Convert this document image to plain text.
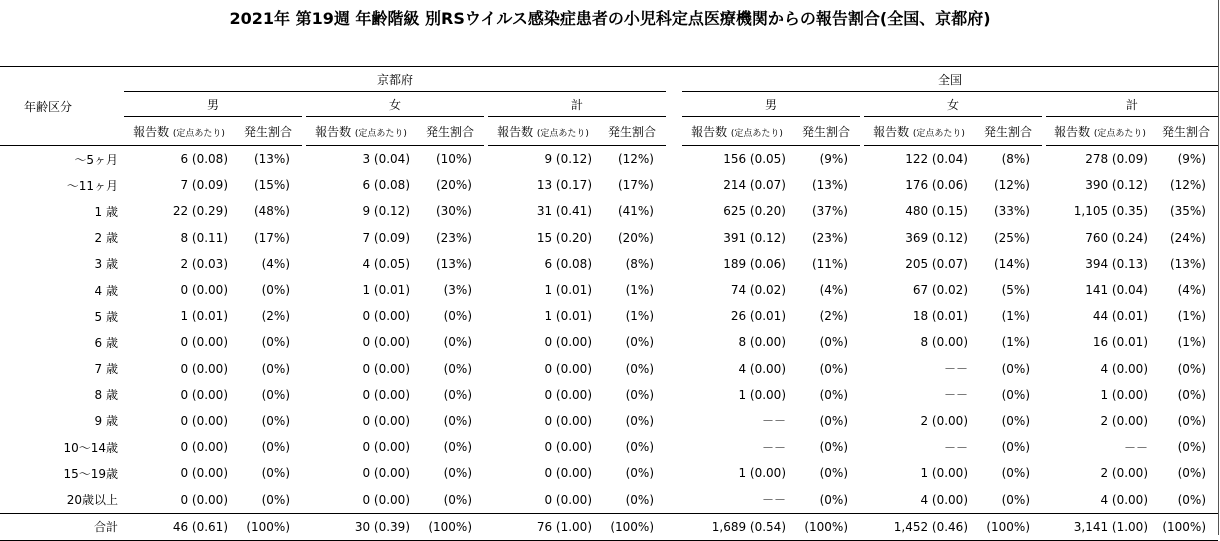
2021年 第19週 年齢階級 別RSウイルス感染症患者の小児科定点医療機関からの報告割合(全国、京都府)

年齢区分	京都府									全国							
	男			女			計			男			女			計	
	報告数 (定点あたり)	発生割合		報告数 (定点あたり)	発生割合		報告数 (定点あたり)	発生割合		報告数 (定点あたり)	発生割合		報告数 (定点あたり)	発生割合		報告数 (定点あたり)	発生割合
～5ヶ月	6 (0.08)	(13%)		3 (0.04)	(10%)		9 (0.12)	(12%)		156 (0.05)	(9%)		122 (0.04)	(8%)		278 (0.09)	(9%)
～11ヶ月	7 (0.09)	(15%)		6 (0.08)	(20%)		13 (0.17)	(17%)		214 (0.07)	(13%)		176 (0.06)	(12%)		390 (0.12)	(12%)
1 歳	22 (0.29)	(48%)		9 (0.12)	(30%)		31 (0.41)	(41%)		625 (0.20)	(37%)		480 (0.15)	(33%)		1,105 (0.35)	(35%)
2 歳	8 (0.11)	(17%)		7 (0.09)	(23%)		15 (0.20)	(20%)		391 (0.12)	(23%)		369 (0.12)	(25%)		760 (0.24)	(24%)
3 歳	2 (0.03)	(4%)		4 (0.05)	(13%)		6 (0.08)	(8%)		189 (0.06)	(11%)		205 (0.07)	(14%)		394 (0.13)	(13%)
4 歳	0 (0.00)	(0%)		1 (0.01)	(3%)		1 (0.01)	(1%)		74 (0.02)	(4%)		67 (0.02)	(5%)		141 (0.04)	(4%)
5 歳	1 (0.01)	(2%)		0 (0.00)	(0%)		1 (0.01)	(1%)		26 (0.01)	(2%)		18 (0.01)	(1%)		44 (0.01)	(1%)
6 歳	0 (0.00)	(0%)		0 (0.00)	(0%)		0 (0.00)	(0%)		8 (0.00)	(0%)		8 (0.00)	(1%)		16 (0.01)	(1%)
7 歳	0 (0.00)	(0%)		0 (0.00)	(0%)		0 (0.00)	(0%)		4 (0.00)	(0%)		－－	(0%)		4 (0.00)	(0%)
8 歳	0 (0.00)	(0%)		0 (0.00)	(0%)		0 (0.00)	(0%)		1 (0.00)	(0%)		－－	(0%)		1 (0.00)	(0%)
9 歳	0 (0.00)	(0%)		0 (0.00)	(0%)		0 (0.00)	(0%)		－－	(0%)		2 (0.00)	(0%)		2 (0.00)	(0%)
10～14歳	0 (0.00)	(0%)		0 (0.00)	(0%)		0 (0.00)	(0%)		－－	(0%)		－－	(0%)		－－	(0%)
15～19歳	0 (0.00)	(0%)		0 (0.00)	(0%)		0 (0.00)	(0%)		1 (0.00)	(0%)		1 (0.00)	(0%)		2 (0.00)	(0%)
20歳以上	0 (0.00)	(0%)		0 (0.00)	(0%)		0 (0.00)	(0%)		－－	(0%)		4 (0.00)	(0%)		4 (0.00)	(0%)
合計	46 (0.61)	(100%)		30 (0.39)	(100%)		76 (1.00)	(100%)		1,689 (0.54)	(100%)		1,452 (0.46)	(100%)		3,141 (1.00)	(100%)
